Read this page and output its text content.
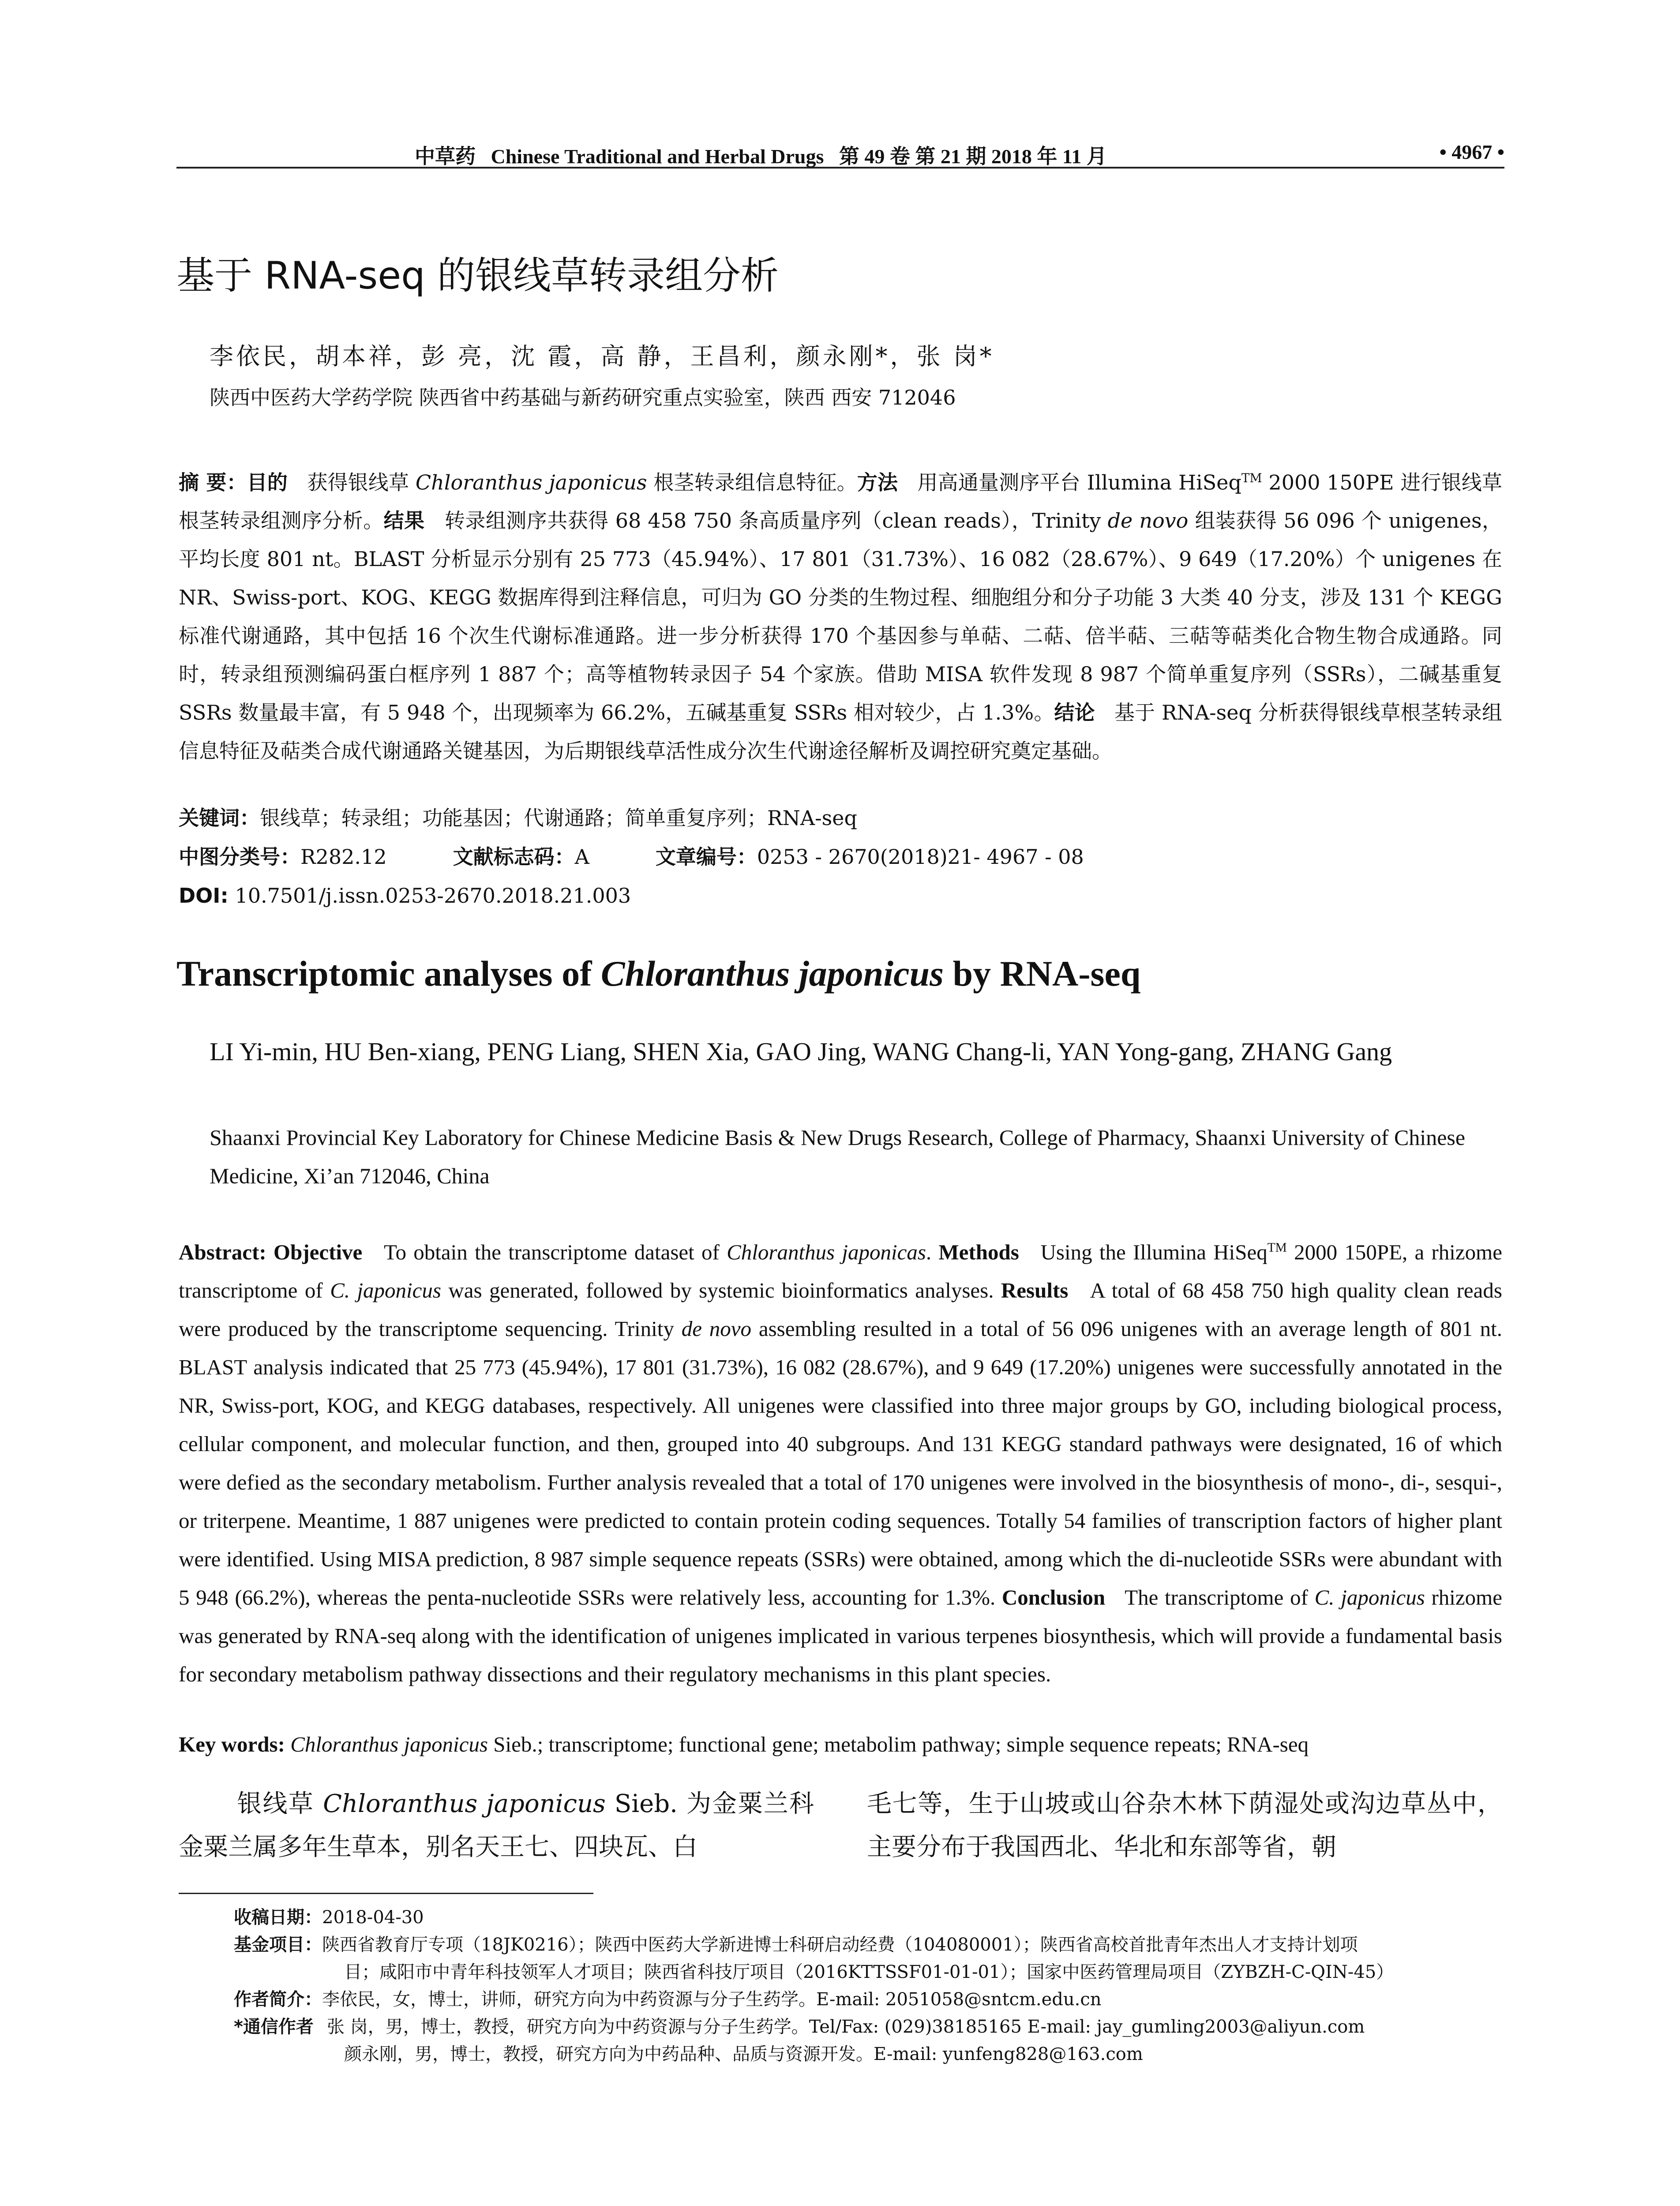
中草药 Chinese Traditional and Herbal Drugs 第 49 卷 第 21 期 2018 年 11 月	• 4967 •
基于 RNA-seq 的银线草转录组分析
李依民，胡本祥，彭 亮，沈 霞，高 静，王昌利，颜永刚*，张 岗*
陕西中医药大学药学院 陕西省中药基础与新药研究重点实验室，陕西 西安 712046
摘 要：目的 获得银线草 Chloranthus japonicus 根茎转录组信息特征。方法 用高通量测序平台 Illumina HiSeq™ 2000 150PE 进行银线草根茎转录组测序分析。结果 转录组测序共获得 68 458 750 条高质量序列（clean reads），Trinity de novo 组装获得 56 096 个 unigenes，平均长度 801 nt。BLAST 分析显示分别有 25 773（45.94%）、17 801（31.73%）、16 082（28.67%）、9 649（17.20%）个 unigenes 在 NR、Swiss-port、KOG、KEGG 数据库得到注释信息，可归为 GO 分类的生物过程、细胞组分和分子功能 3 大类 40 分支，涉及 131 个 KEGG 标准代谢通路，其中包括 16 个次生代谢标准通路。进一步分析获得 170 个基因参与单萜、二萜、倍半萜、三萜等萜类化合物生物合成通路。同时，转录组预测编码蛋白框序列 1 887 个；高等植物转录因子 54 个家族。借助 MISA 软件发现 8 987 个简单重复序列（SSRs），二碱基重复 SSRs 数量最丰富，有 5 948 个，出现频率为 66.2%，五碱基重复 SSRs 相对较少，占 1.3%。结论 基于 RNA-seq 分析获得银线草根茎转录组信息特征及萜类合成代谢通路关键基因，为后期银线草活性成分次生代谢途径解析及调控研究奠定基础。
关键词：银线草；转录组；功能基因；代谢通路；简单重复序列；RNA-seq
中图分类号：R282.12	文献标志码：A	文章编号：0253 - 2670(2018)21- 4967 - 08
DOI: 10.7501/j.issn.0253-2670.2018.21.003
Transcriptomic analyses of Chloranthus japonicus by RNA-seq
LI Yi-min, HU Ben-xiang, PENG Liang, SHEN Xia, GAO Jing, WANG Chang-li, YAN Yong-gang, ZHANG Gang
Shaanxi Provincial Key Laboratory for Chinese Medicine Basis & New Drugs Research, College of Pharmacy, Shaanxi University of Chinese Medicine, Xi’an 712046, China
Abstract: Objective To obtain the transcriptome dataset of Chloranthus japonicas. Methods Using the Illumina HiSeq™ 2000 150PE, a rhizome transcriptome of C. japonicus was generated, followed by systemic bioinformatics analyses. Results A total of 68 458 750 high quality clean reads were produced by the transcriptome sequencing. Trinity de novo assembling resulted in a total of 56 096 unigenes with an average length of 801 nt. BLAST analysis indicated that 25 773 (45.94%), 17 801 (31.73%), 16 082 (28.67%), and 9 649 (17.20%) unigenes were successfully annotated in the NR, Swiss-port, KOG, and KEGG databases, respectively. All unigenes were classified into three major groups by GO, including biological process, cellular component, and molecular function, and then, grouped into 40 subgroups. And 131 KEGG standard pathways were designated, 16 of which were defied as the secondary metabolism. Further analysis revealed that a total of 170 unigenes were involved in the biosynthesis of mono-, di-, sesqui-, or triterpene. Meantime, 1 887 unigenes were predicted to contain protein coding sequences. Totally 54 families of transcription factors of higher plant were identified. Using MISA prediction, 8 987 simple sequence repeats (SSRs) were obtained, among which the di-nucleotide SSRs were abundant with 5 948 (66.2%), whereas the penta-nucleotide SSRs were relatively less, accounting for 1.3%. Conclusion The transcriptome of C. japonicus rhizome was generated by RNA-seq along with the identification of unigenes implicated in various terpenes biosynthesis, which will provide a fundamental basis for secondary metabolism pathway dissections and their regulatory mechanisms in this plant species.
Key words: Chloranthus japonicus Sieb.; transcriptome; functional gene; metabolim pathway; simple sequence repeats; RNA-seq
银线草 Chloranthus japonicus Sieb. 为金粟兰科金粟兰属多年生草本，别名天王七、四块瓦、白
毛七等，生于山坡或山谷杂木林下荫湿处或沟边草丛中，主要分布于我国西北、华北和东部等省，朝
收稿日期： 2018-04-30
基金项目： 陕西省教育厅专项（18JK0216）；陕西中医药大学新进博士科研启动经费（104080001）；陕西省高校首批青年杰出人才支持计划项
目；咸阳市中青年科技领军人才项目；陕西省科技厅项目（2016KTTSSF01-01-01）；国家中医药管理局项目（ZYBZH-C-QIN-45）
作者简介： 李依民，女，博士，讲师，研究方向为中药资源与分子生药学。E-mail: 2051058@sntcm.edu.cn
*通信作者 张 岗，男，博士，教授，研究方向为中药资源与分子生药学。Tel/Fax: (029)38185165 E-mail: jay_gumling2003@aliyun.com
颜永刚，男，博士，教授，研究方向为中药品种、品质与资源开发。E-mail: yunfeng828@163.com
